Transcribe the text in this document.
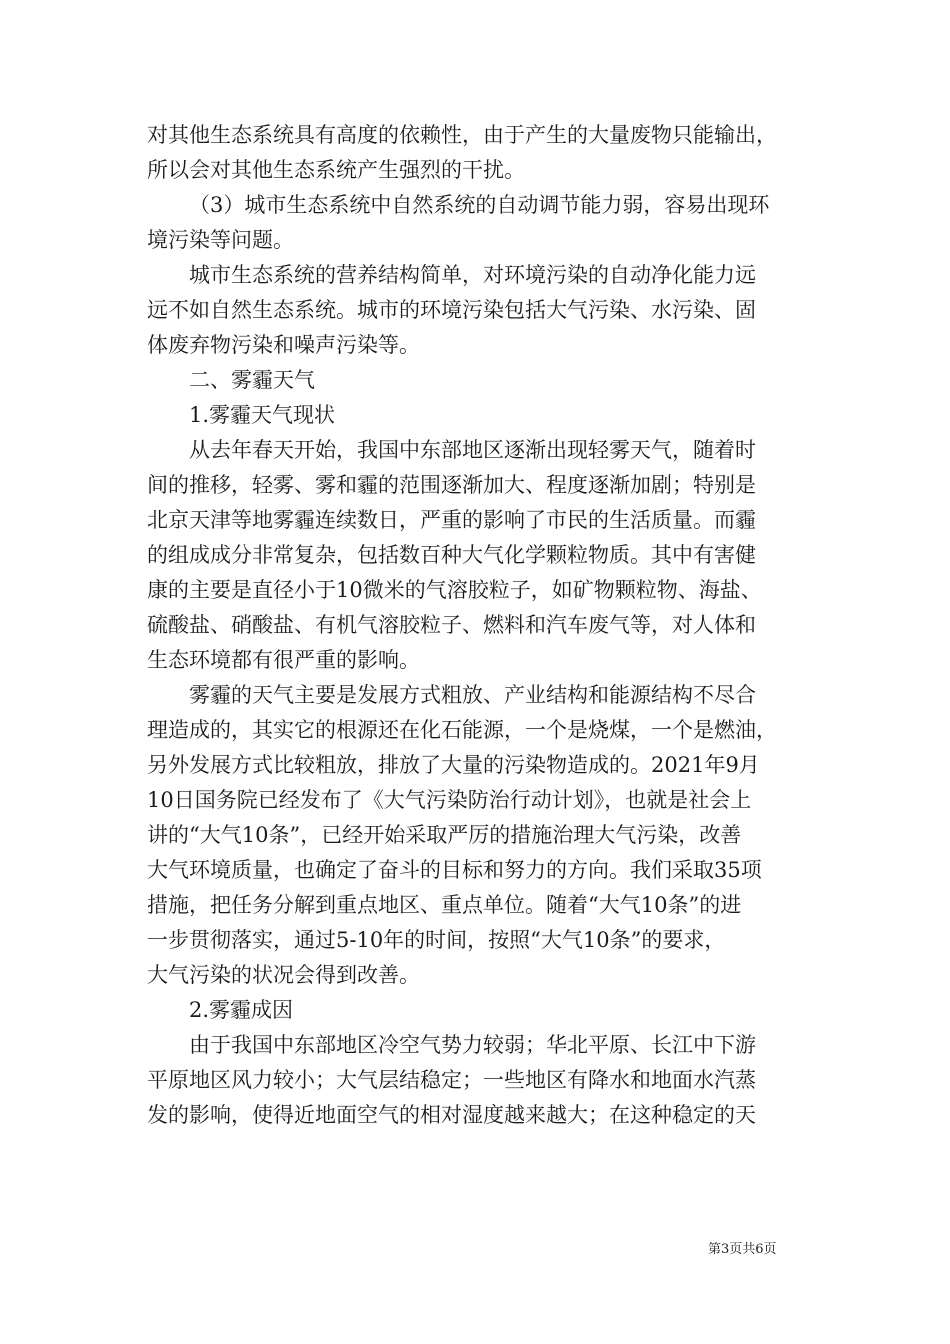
对其他生态系统具有高度的依赖性，由于产生的大量废物只能输出，
所以会对其他生态系统产生强烈的干扰。
（3）城市生态系统中自然系统的自动调节能力弱，容易出现环
境污染等问题。
城市生态系统的营养结构简单，对环境污染的自动净化能力远
远不如自然生态系统。城市的环境污染包括大气污染、水污染、固
体废弃物污染和噪声污染等。
二、雾霾天气
1.雾霾天气现状
从去年春天开始，我国中东部地区逐渐出现轻雾天气，随着时
间的推移，轻雾、雾和霾的范围逐渐加大、程度逐渐加剧；特别是
北京天津等地雾霾连续数日，严重的影响了市民的生活质量。而霾
的组成成分非常复杂，包括数百种大气化学颗粒物质。其中有害健
康的主要是直径小于10微米的气溶胶粒子，如矿物颗粒物、海盐、
硫酸盐、硝酸盐、有机气溶胶粒子、燃料和汽车废气等，对人体和
生态环境都有很严重的影响。
雾霾的天气主要是发展方式粗放、产业结构和能源结构不尽合
理造成的，其实它的根源还在化石能源，一个是烧煤，一个是燃油，
另外发展方式比较粗放，排放了大量的污染物造成的。2021年9月
10日国务院已经发布了《大气污染防治行动计划》，也就是社会上
讲的“大气10条”，已经开始采取严厉的措施治理大气污染，改善
大气环境质量，也确定了奋斗的目标和努力的方向。我们采取35项
措施，把任务分解到重点地区、重点单位。随着“大气10条”的进
一步贯彻落实，通过5-10年的时间，按照“大气10条”的要求，
大气污染的状况会得到改善。
2.雾霾成因
由于我国中东部地区冷空气势力较弱；华北平原、长江中下游
平原地区风力较小；大气层结稳定；一些地区有降水和地面水汽蒸
发的影响，使得近地面空气的相对湿度越来越大；在这种稳定的天
第3页共6页
